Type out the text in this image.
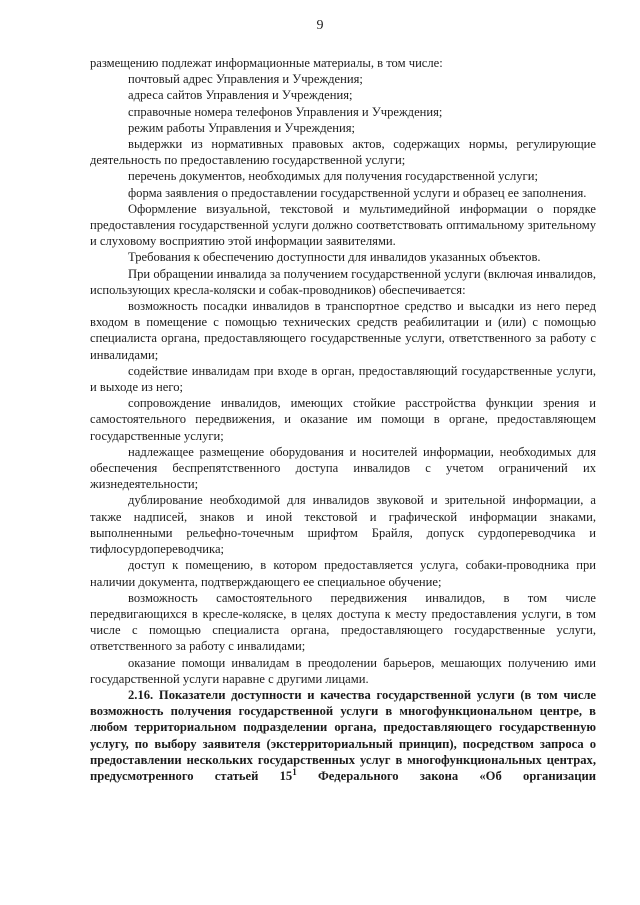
9

размещению подлежат информационные материалы, в том числе:

почтовый адрес Управления и Учреждения;

адреса сайтов Управления и Учреждения;

справочные номера телефонов Управления и Учреждения;

режим работы Управления и Учреждения;

выдержки из нормативных правовых актов, содержащих нормы, регулирующие деятельность по предоставлению государственной услуги;

перечень документов, необходимых для получения государственной услуги;

форма заявления о предоставлении государственной услуги и образец ее заполнения.

Оформление визуальной, текстовой и мультимедийной информации о порядке предоставления государственной услуги должно соответствовать оптимальному зрительному и слуховому восприятию этой информации заявителями.

Требования к обеспечению доступности для инвалидов указанных объектов.

При обращении инвалида за получением государственной услуги (включая инвалидов, использующих кресла-коляски и собак-проводников) обеспечивается:

возможность посадки инвалидов в транспортное средство и высадки из него перед входом в помещение с помощью технических средств реабилитации и (или) с помощью специалиста органа, предоставляющего государственные услуги, ответственного за работу с инвалидами;

содействие инвалидам при входе в орган, предоставляющий государственные услуги, и выходе из него;

сопровождение инвалидов, имеющих стойкие расстройства функции зрения и самостоятельного передвижения, и оказание им помощи в органе, предоставляющем государственные услуги;

надлежащее размещение оборудования и носителей информации, необходимых для обеспечения беспрепятственного доступа инвалидов с учетом ограничений их жизнедеятельности;

дублирование необходимой для инвалидов звуковой и зрительной информации, а также надписей, знаков и иной текстовой и графической информации знаками, выполненными рельефно-точечным шрифтом Брайля, допуск сурдопереводчика и тифлосурдопереводчика;

доступ к помещению, в котором предоставляется услуга, собаки-проводника при наличии документа, подтверждающего ее специальное обучение;

возможность самостоятельного передвижения инвалидов, в том числе передвигающихся в кресле-коляске, в целях доступа к месту предоставления услуги, в том числе с помощью специалиста органа, предоставляющего государственные услуги, ответственного за работу с инвалидами;

оказание помощи инвалидам в преодолении барьеров, мешающих получению ими государственной услуги наравне с другими лицами.

2.16. Показатели доступности и качества государственной услуги (в том числе возможность получения государственной услуги в многофункциональном центре, в любом территориальном подразделении органа, предоставляющего государственную услугу, по выбору заявителя (экстерриториальный принцип), посредством запроса о предоставлении нескольких государственных услуг в многофункциональных центрах, предусмотренного статьей $15^1$ Федерального закона «Об организации
